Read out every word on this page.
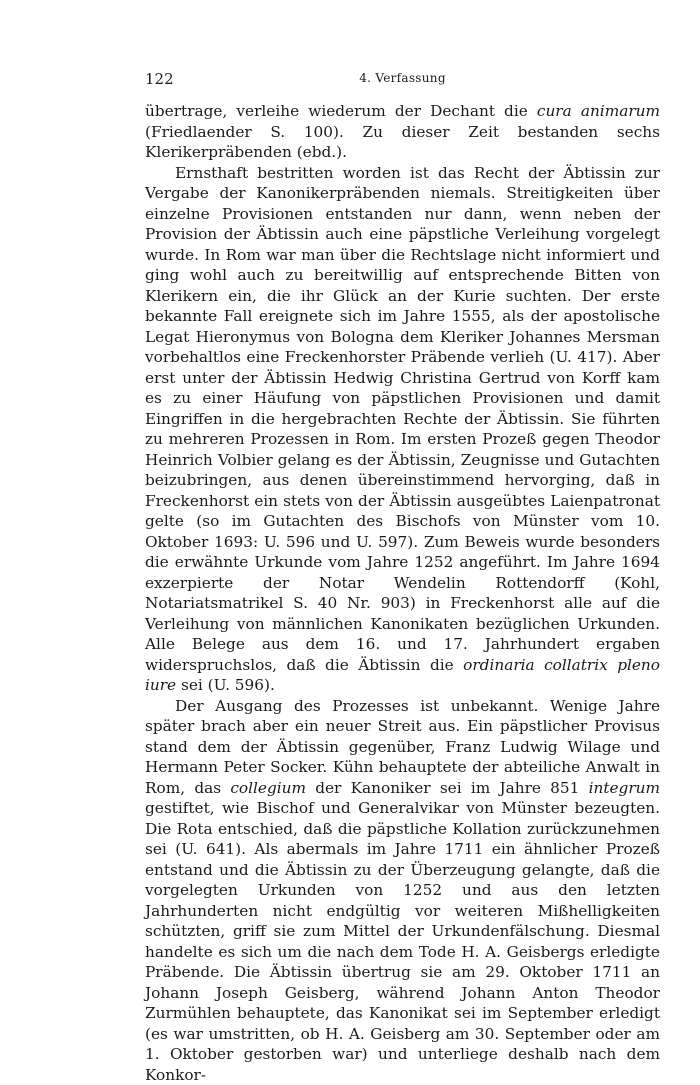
122	4. Verfassung

übertrage, verleihe wiederum der Dechant die cura animarum (Friedlaender S. 100). Zu dieser Zeit bestanden sechs Klerikerpräbenden (ebd.).

Ernsthaft bestritten worden ist das Recht der Äbtissin zur Vergabe der Kanonikerpräbenden niemals. Streitigkeiten über einzelne Provisionen entstanden nur dann, wenn neben der Provision der Äbtissin auch eine päpstliche Verleihung vorgelegt wurde. In Rom war man über die Rechtslage nicht informiert und ging wohl auch zu bereitwillig auf entsprechende Bitten von Klerikern ein, die ihr Glück an der Kurie suchten. Der erste bekannte Fall ereignete sich im Jahre 1555, als der apostolische Legat Hieronymus von Bologna dem Kleriker Johannes Mersman vorbehaltlos eine Freckenhorster Präbende verlieh (U. 417). Aber erst unter der Äbtissin Hedwig Christina Gertrud von Korff kam es zu einer Häufung von päpstlichen Provisionen und damit Eingriffen in die hergebrachten Rechte der Äbtissin. Sie führten zu mehreren Prozessen in Rom. Im ersten Prozeß gegen Theodor Heinrich Volbier gelang es der Äbtissin, Zeugnisse und Gutachten beizubringen, aus denen übereinstimmend hervorging, daß in Freckenhorst ein stets von der Äbtissin ausgeübtes Laienpatronat gelte (so im Gutachten des Bischofs von Münster vom 10. Oktober 1693: U. 596 und U. 597). Zum Beweis wurde besonders die erwähnte Urkunde vom Jahre 1252 angeführt. Im Jahre 1694 exzerpierte der Notar Wendelin Rottendorff (Kohl, Notariatsmatrikel S. 40 Nr. 903) in Freckenhorst alle auf die Verleihung von männlichen Kanonikaten bezüglichen Urkunden. Alle Belege aus dem 16. und 17. Jahrhundert ergaben widerspruchslos, daß die Äbtissin die ordinaria collatrix pleno iure sei (U. 596).

Der Ausgang des Prozesses ist unbekannt. Wenige Jahre später brach aber ein neuer Streit aus. Ein päpstlicher Provisus stand dem der Äbtissin gegenüber, Franz Ludwig Wilage und Hermann Peter Socker. Kühn behauptete der abteiliche Anwalt in Rom, das collegium der Kanoniker sei im Jahre 851 integrum gestiftet, wie Bischof und Generalvikar von Münster bezeugten. Die Rota entschied, daß die päpstliche Kollation zurückzunehmen sei (U. 641). Als abermals im Jahre 1711 ein ähnlicher Prozeß entstand und die Äbtissin zu der Überzeugung gelangte, daß die vorgelegten Urkunden von 1252 und aus den letzten Jahrhunderten nicht endgültig vor weiteren Mißhelligkeiten schützten, griff sie zum Mittel der Urkundenfälschung. Diesmal handelte es sich um die nach dem Tode H. A. Geisbergs erledigte Präbende. Die Äbtissin übertrug sie am 29. Oktober 1711 an Johann Joseph Geisberg, während Johann Anton Theodor Zurmühlen behauptete, das Kanonikat sei im September erledigt (es war umstritten, ob H. A. Geisberg am 30. September oder am 1. Oktober gestorben war) und unterliege deshalb nach dem Konkor-
